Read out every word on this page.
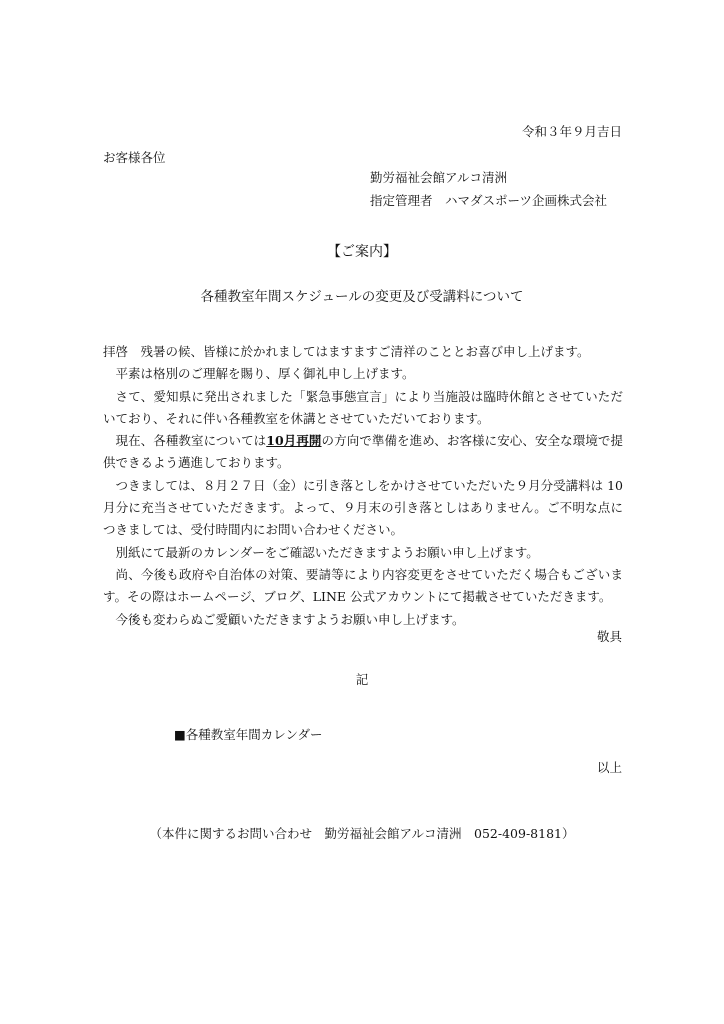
令和３年９月吉日
お客様各位
勤労福祉会館アルコ清洲
指定管理者　ハマダスポーツ企画株式会社
【ご案内】
各種教室年間スケジュールの変更及び受講料について

拝啓　残暑の候、皆様に於かれましてはますますご清祥のこととお喜び申し上げます。

平素は格別のご理解を賜り、厚く御礼申し上げます。

さて、愛知県に発出されました「緊急事態宣言」により当施設は臨時休館とさせていただいており、それに伴い各種教室を休講とさせていただいております。

現在、各種教室については10月再開の方向で準備を進め、お客様に安心、安全な環境で提供できるよう邁進しております。

つきましては、８月２７日（金）に引き落としをかけさせていただいた９月分受講料は 10月分に充当させていただきます。よって、９月末の引き落としはありません。ご不明な点につきましては、受付時間内にお問い合わせください。

別紙にて最新のカレンダーをご確認いただきますようお願い申し上げます。

尚、今後も政府や自治体の対策、要請等により内容変更をさせていただく場合もございます。その際はホームページ、ブログ、LINE 公式アカウントにて掲載させていただきます。

今後も変わらぬご愛顧いただきますようお願い申し上げます。

敬具
記
■各種教室年間カレンダー
以上
（本件に関するお問い合わせ　勤労福祉会館アルコ清洲　052-409-8181）
